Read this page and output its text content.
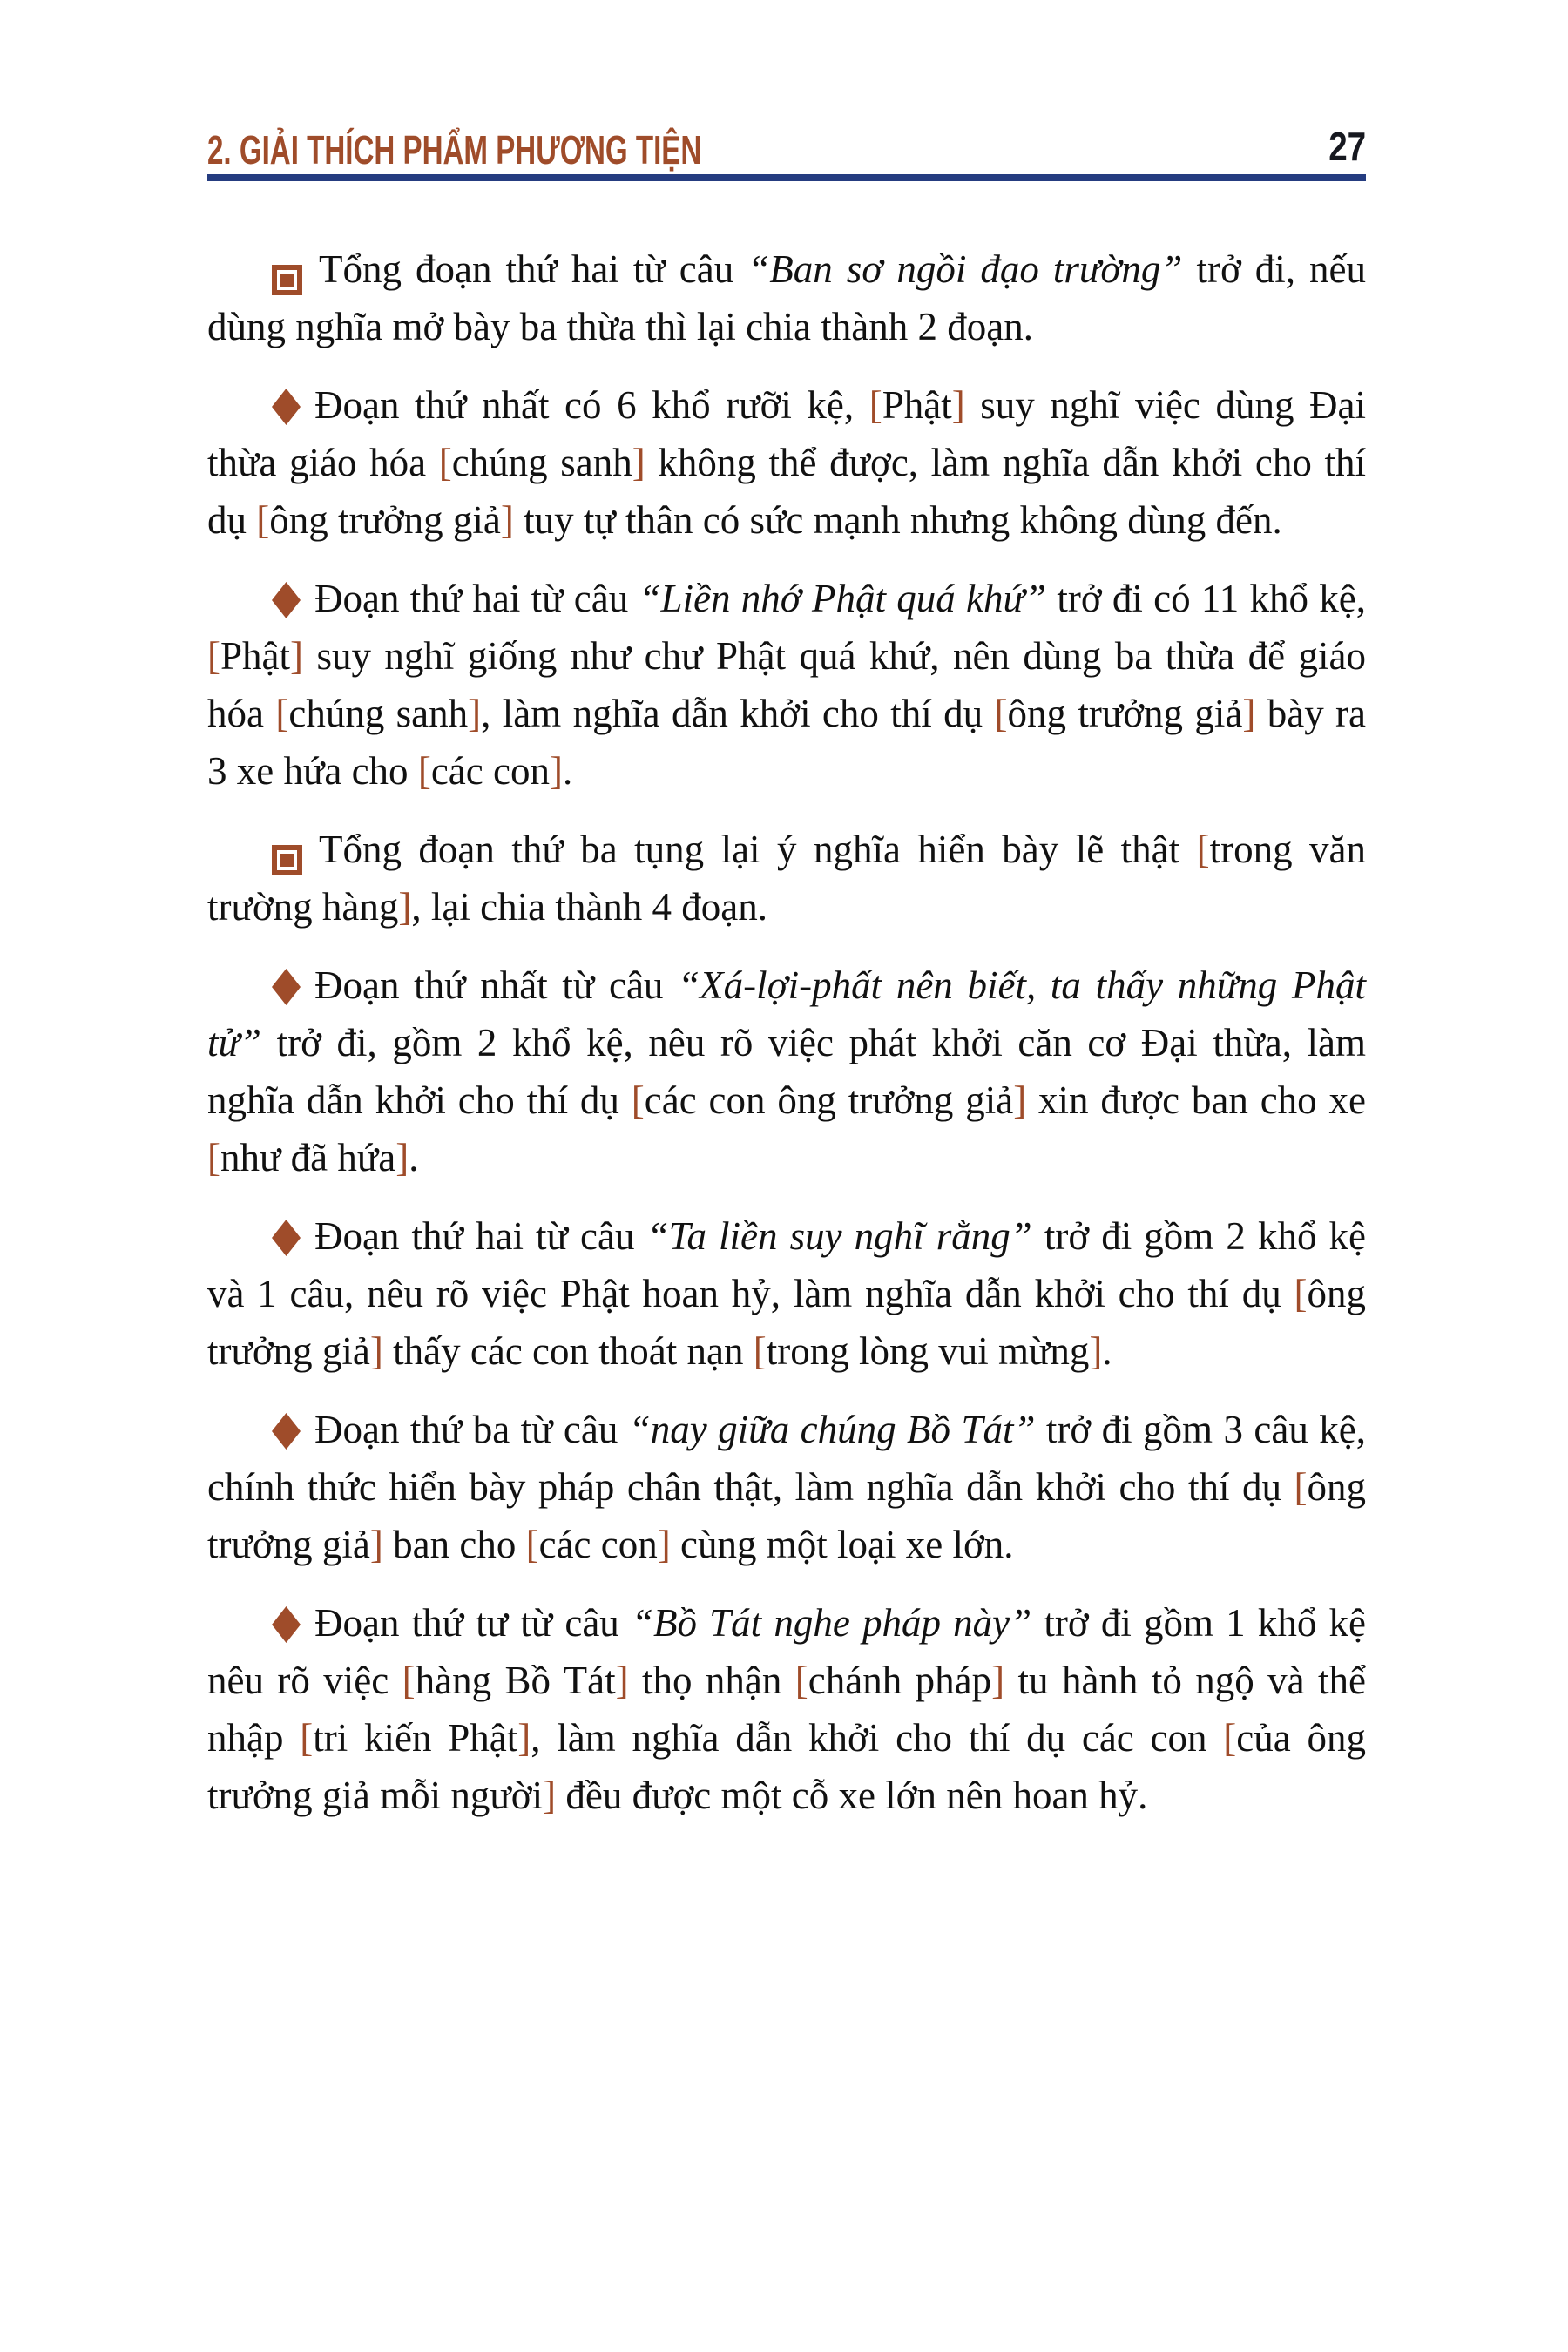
2. GIẢI THÍCH PHẨM PHƯƠNG TIỆN	27

Tổng đoạn thứ hai từ câu “Ban sơ ngồi đạo trường” trở đi, nếu dùng nghĩa mở bày ba thừa thì lại chia thành 2 đoạn.

Đoạn thứ nhất có 6 khổ rưỡi kệ, [Phật] suy nghĩ việc dùng Đại thừa giáo hóa [chúng sanh] không thể được, làm nghĩa dẫn khởi cho thí dụ [ông trưởng giả] tuy tự thân có sức mạnh nhưng không dùng đến.

Đoạn thứ hai từ câu “Liền nhớ Phật quá khứ” trở đi có 11 khổ kệ, [Phật] suy nghĩ giống như chư Phật quá khứ, nên dùng ba thừa để giáo hóa [chúng sanh], làm nghĩa dẫn khởi cho thí dụ [ông trưởng giả] bày ra 3 xe hứa cho [các con].

Tổng đoạn thứ ba tụng lại ý nghĩa hiển bày lẽ thật [trong văn trường hàng], lại chia thành 4 đoạn.

Đoạn thứ nhất từ câu “Xá-lợi-phất nên biết, ta thấy những Phật tử” trở đi, gồm 2 khổ kệ, nêu rõ việc phát khởi căn cơ Đại thừa, làm nghĩa dẫn khởi cho thí dụ [các con ông trưởng giả] xin được ban cho xe [như đã hứa].

Đoạn thứ hai từ câu “Ta liền suy nghĩ rằng” trở đi gồm 2 khổ kệ và 1 câu, nêu rõ việc Phật hoan hỷ, làm nghĩa dẫn khởi cho thí dụ [ông trưởng giả] thấy các con thoát nạn [trong lòng vui mừng].

Đoạn thứ ba từ câu “nay giữa chúng Bồ Tát” trở đi gồm 3 câu kệ, chính thức hiển bày pháp chân thật, làm nghĩa dẫn khởi cho thí dụ [ông trưởng giả] ban cho [các con] cùng một loại xe lớn.

Đoạn thứ tư từ câu “Bồ Tát nghe pháp này” trở đi gồm 1 khổ kệ nêu rõ việc [hàng Bồ Tát] thọ nhận [chánh pháp] tu hành tỏ ngộ và thể nhập [tri kiến Phật], làm nghĩa dẫn khởi cho thí dụ các con [của ông trưởng giả mỗi người] đều được một cỗ xe lớn nên hoan hỷ.
